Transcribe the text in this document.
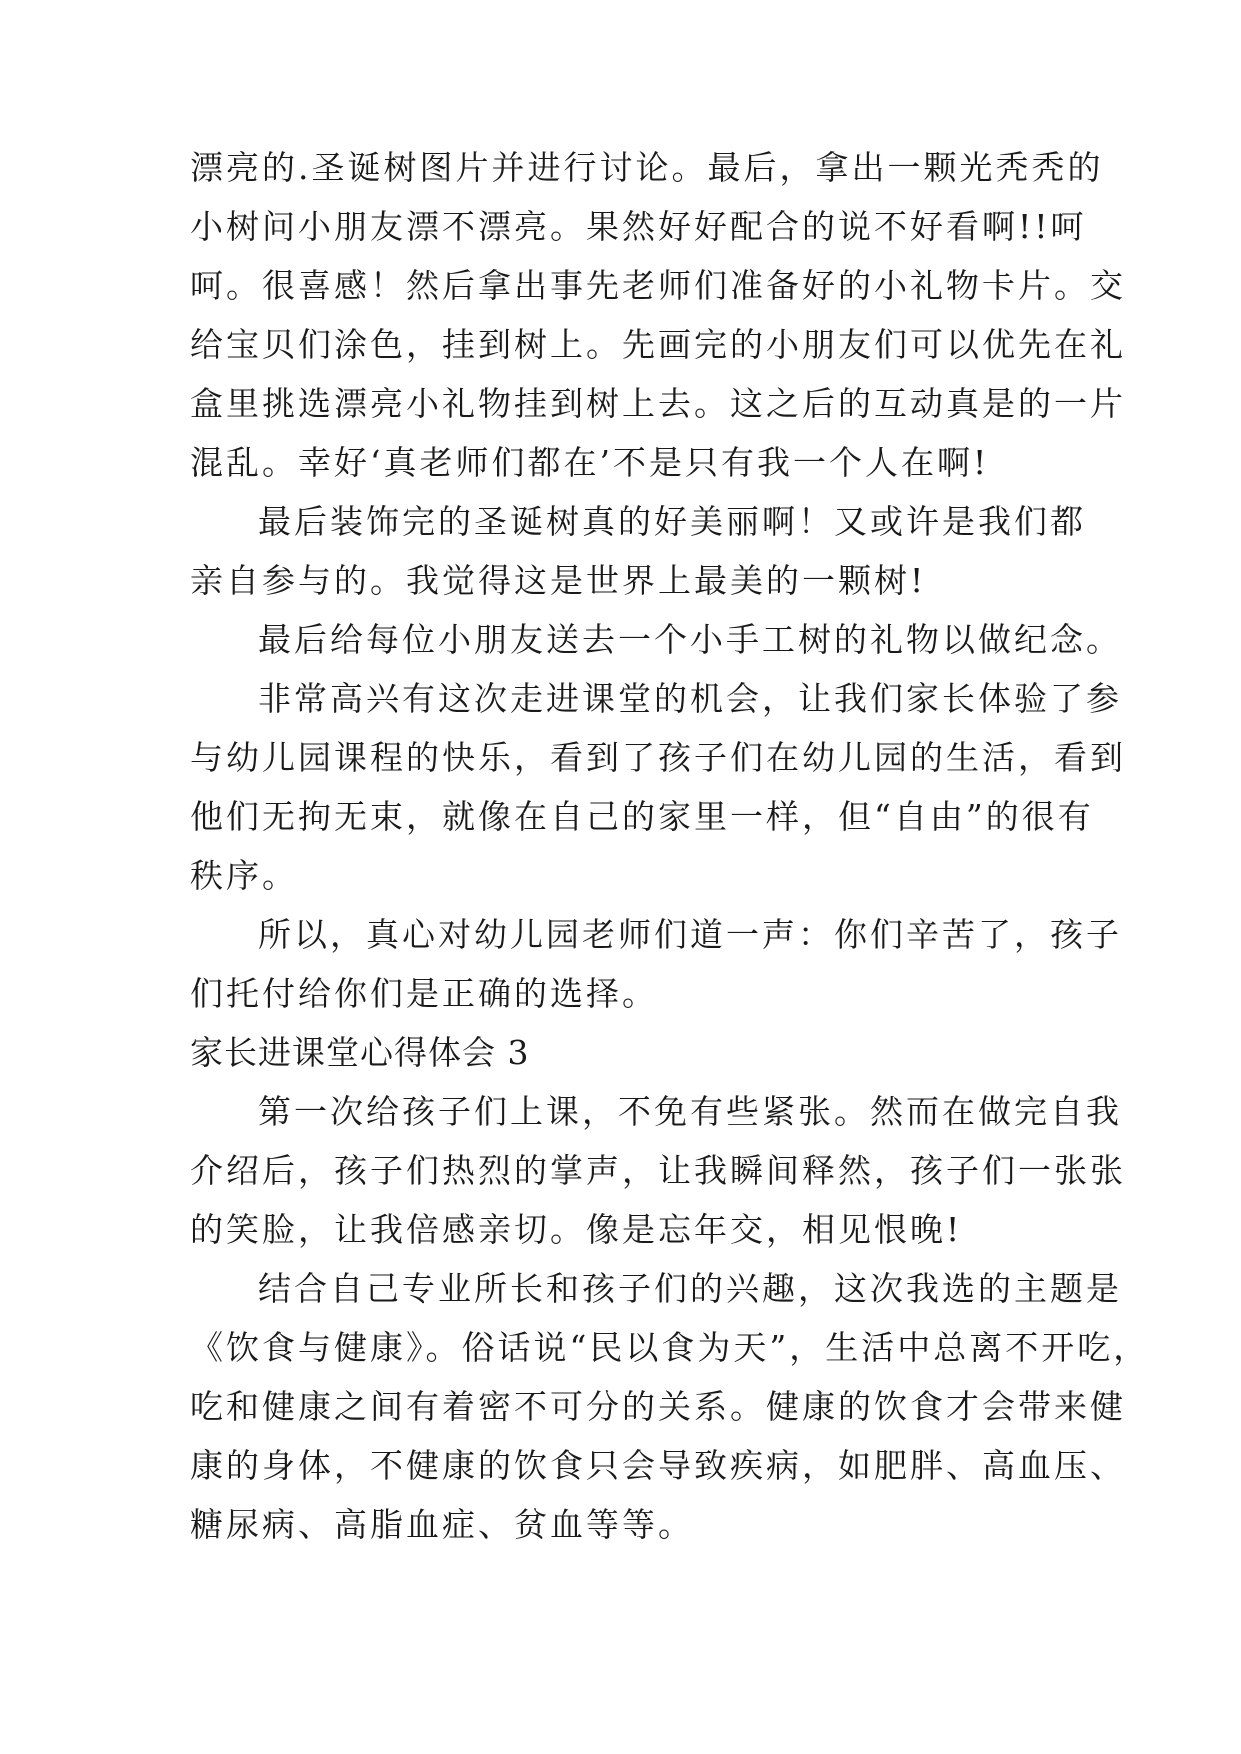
漂亮的.圣诞树图片并进行讨论。最后，拿出一颗光秃秃的
小树问小朋友漂不漂亮。果然好好配合的说不好看啊!!呵
呵。很喜感！然后拿出事先老师们准备好的小礼物卡片。交
给宝贝们涂色，挂到树上。先画完的小朋友们可以优先在礼
盒里挑选漂亮小礼物挂到树上去。这之后的互动真是的一片
混乱。幸好‘真老师们都在’不是只有我一个人在啊!
最后装饰完的圣诞树真的好美丽啊！又或许是我们都
亲自参与的。我觉得这是世界上最美的一颗树!
最后给每位小朋友送去一个小手工树的礼物以做纪念。
非常高兴有这次走进课堂的机会，让我们家长体验了参
与幼儿园课程的快乐，看到了孩子们在幼儿园的生活，看到
他们无拘无束，就像在自己的家里一样，但“自由”的很有
秩序。
所以，真心对幼儿园老师们道一声：你们辛苦了，孩子
们托付给你们是正确的选择。
家长进课堂心得体会 3
第一次给孩子们上课，不免有些紧张。然而在做完自我
介绍后，孩子们热烈的掌声，让我瞬间释然，孩子们一张张
的笑脸，让我倍感亲切。像是忘年交，相见恨晚!
结合自己专业所长和孩子们的兴趣，这次我选的主题是
《饮食与健康》。俗话说“民以食为天”，生活中总离不开吃，
吃和健康之间有着密不可分的关系。健康的饮食才会带来健
康的身体，不健康的饮食只会导致疾病，如肥胖、高血压、
糖尿病、高脂血症、贫血等等。
